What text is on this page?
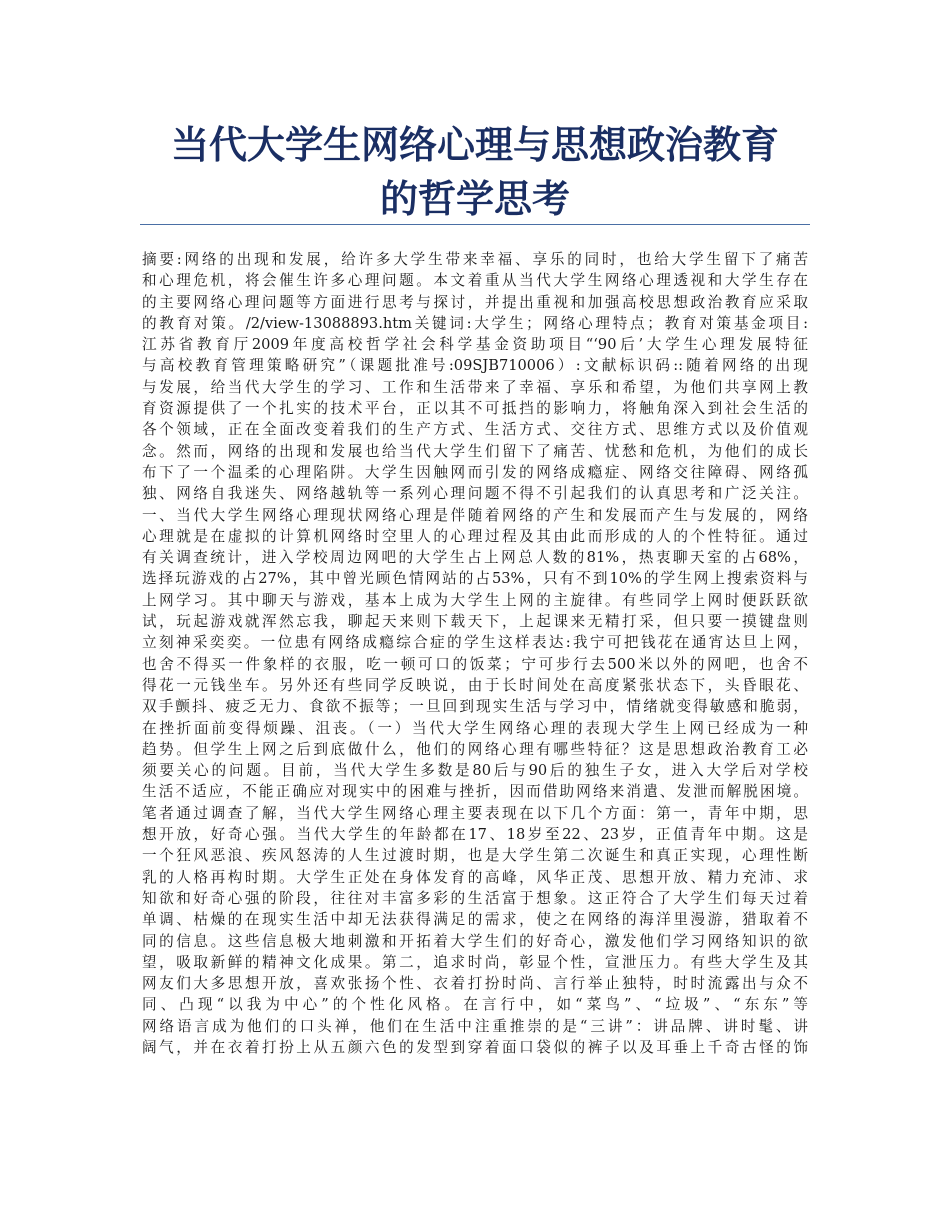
当代大学生网络心理与思想政治教育
的哲学思考
摘要:网络的出现和发展，给许多大学生带来幸福、享乐的同时，也给大学生留下了痛苦
和心理危机，将会催生许多心理问题。本文着重从当代大学生网络心理透视和大学生存在
的主要网络心理问题等方面进行思考与探讨，并提出重视和加强高校思想政治教育应采取
的教育对策。/2/view-13088893.htm关键词:大学生；网络心理特点；教育对策基金项目:
江苏省教育厅2009年度高校哲学社会科学基金资助项目“‘90后’大学生心理发展特征
与高校教育管理策略研究”（课题批准号:09SJB710006）:文献标识码::随着网络的出现
与发展，给当代大学生的学习、工作和生活带来了幸福、享乐和希望，为他们共享网上教
育资源提供了一个扎实的技术平台，正以其不可抵挡的影响力，将触角深入到社会生活的
各个领域，正在全面改变着我们的生产方式、生活方式、交往方式、思维方式以及价值观
念。然而，网络的出现和发展也给当代大学生们留下了痛苦、忧愁和危机，为他们的成长
布下了一个温柔的心理陷阱。大学生因触网而引发的网络成瘾症、网络交往障碍、网络孤
独、网络自我迷失、网络越轨等一系列心理问题不得不引起我们的认真思考和广泛关注。
一、当代大学生网络心理现状网络心理是伴随着网络的产生和发展而产生与发展的，网络
心理就是在虚拟的计算机网络时空里人的心理过程及其由此而形成的人的个性特征。通过
有关调查统计，进入学校周边网吧的大学生占上网总人数的81%，热衷聊天室的占68%，
选择玩游戏的占27%，其中曾光顾色情网站的占53%，只有不到10%的学生网上搜索资料与
上网学习。其中聊天与游戏，基本上成为大学生上网的主旋律。有些同学上网时便跃跃欲
试，玩起游戏就浑然忘我，聊起天来则下载天下，上起课来无精打采，但只要一摸键盘则
立刻神采奕奕。一位患有网络成瘾综合症的学生这样表达:我宁可把钱花在通宵达旦上网，
也舍不得买一件象样的衣服，吃一顿可口的饭菜；宁可步行去500米以外的网吧，也舍不
得花一元钱坐车。另外还有些同学反映说，由于长时间处在高度紧张状态下，头昏眼花、
双手颤抖、疲乏无力、食欲不振等；一旦回到现实生活与学习中，情绪就变得敏感和脆弱，
在挫折面前变得烦躁、沮丧。（一）当代大学生网络心理的表现大学生上网已经成为一种
趋势。但学生上网之后到底做什么，他们的网络心理有哪些特征？这是思想政治教育工必
须要关心的问题。目前，当代大学生多数是80后与90后的独生子女，进入大学后对学校
生活不适应，不能正确应对现实中的困难与挫折，因而借助网络来消遣、发泄而解脱困境。
笔者通过调查了解，当代大学生网络心理主要表现在以下几个方面：第一，青年中期，思
想开放，好奇心强。当代大学生的年龄都在17、18岁至22、23岁，正值青年中期。这是
一个狂风恶浪、疾风怒涛的人生过渡时期，也是大学生第二次诞生和真正实现，心理性断
乳的人格再构时期。大学生正处在身体发育的高峰，风华正茂、思想开放、精力充沛、求
知欲和好奇心强的阶段，往往对丰富多彩的生活富于想象。这正符合了大学生们每天过着
单调、枯燥的在现实生活中却无法获得满足的需求，使之在网络的海洋里漫游，猎取着不
同的信息。这些信息极大地刺激和开拓着大学生们的好奇心，激发他们学习网络知识的欲
望，吸取新鲜的精神文化成果。第二，追求时尚，彰显个性，宣泄压力。有些大学生及其
网友们大多思想开放，喜欢张扬个性、衣着打扮时尚、言行举止独特，时时流露出与众不
同、凸现“以我为中心”的个性化风格。在言行中，如“菜鸟”、“垃圾”、“东东”等
网络语言成为他们的口头禅，他们在生活中注重推崇的是“三讲”：讲品牌、讲时髦、讲
阔气，并在衣着打扮上从五颜六色的发型到穿着面口袋似的裤子以及耳垂上千奇古怪的饰
